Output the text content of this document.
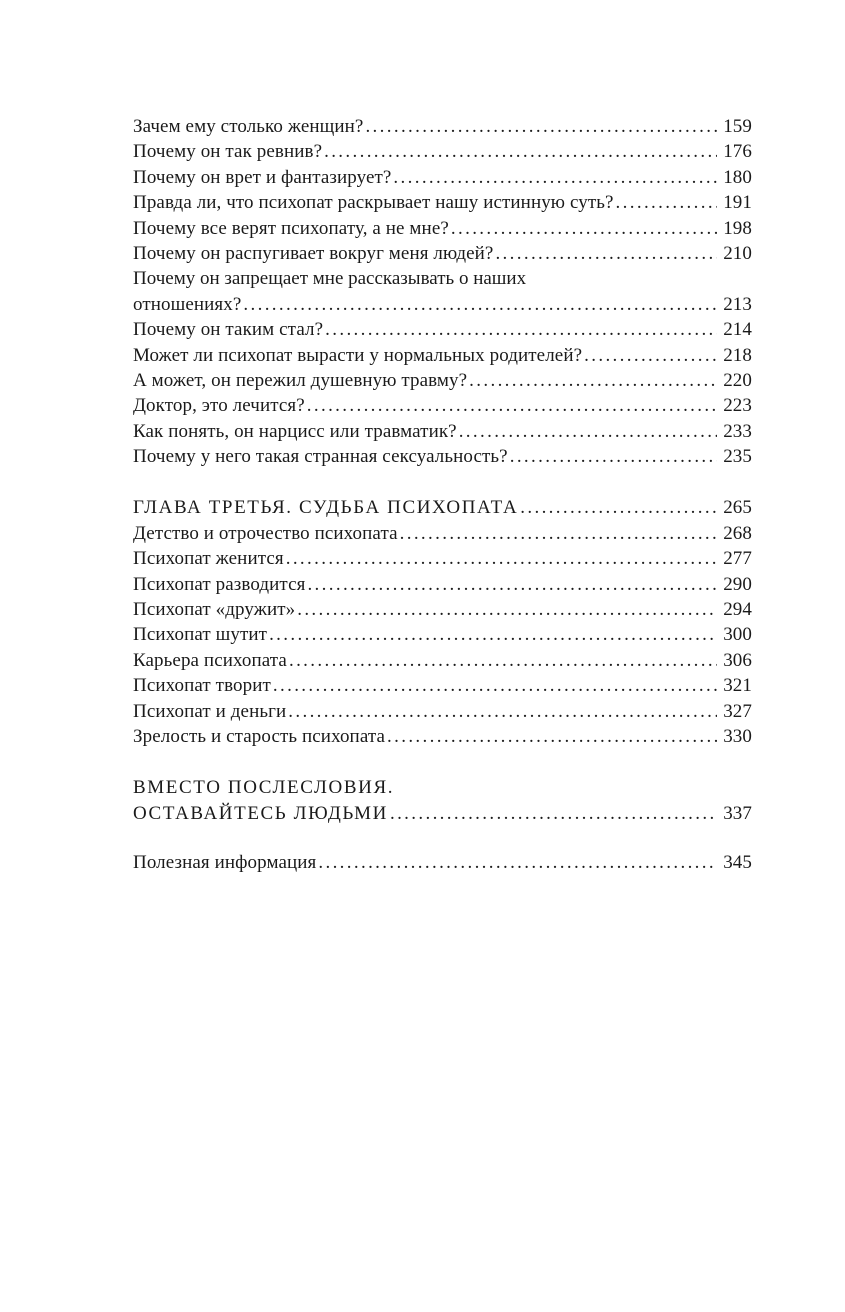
Зачем ему столько женщин? . . .	159
Почему он так ревнив? . . .	176
Почему он врет и фантазирует? . . .	180
Правда ли, что психопат раскрывает нашу истинную суть? . . .	191
Почему все верят психопату, а не мне? . . .	198
Почему он распугивает вокруг меня людей? . . .	210
Почему он запрещает мне рассказывать о наших
отношениях? . . .	213
Почему он таким стал? . . .	214
Может ли психопат вырасти у нормальных родителей? . . .	218
А может, он пережил душевную травму? . . .	220
Доктор, это лечится? . . .	223
Как понять, он нарцисс или травматик? . . .	233
Почему у него такая странная сексуальность? . . .	235
ГЛАВА ТРЕТЬЯ. СУДЬБА ПСИХОПАТА . . .	265
Детство и отрочество психопата . . .	268
Психопат женится . . .	277
Психопат разводится . . .	290
Психопат «дружит» . . .	294
Психопат шутит . . .	300
Карьера психопата . . .	306
Психопат творит . . .	321
Психопат и деньги . . .	327
Зрелость и старость психопата . . .	330
ВМЕСТО ПОСЛЕСЛОВИЯ.
ОСТАВАЙТЕСЬ ЛЮДЬМИ . . .	337
Полезная информация . . .	345
